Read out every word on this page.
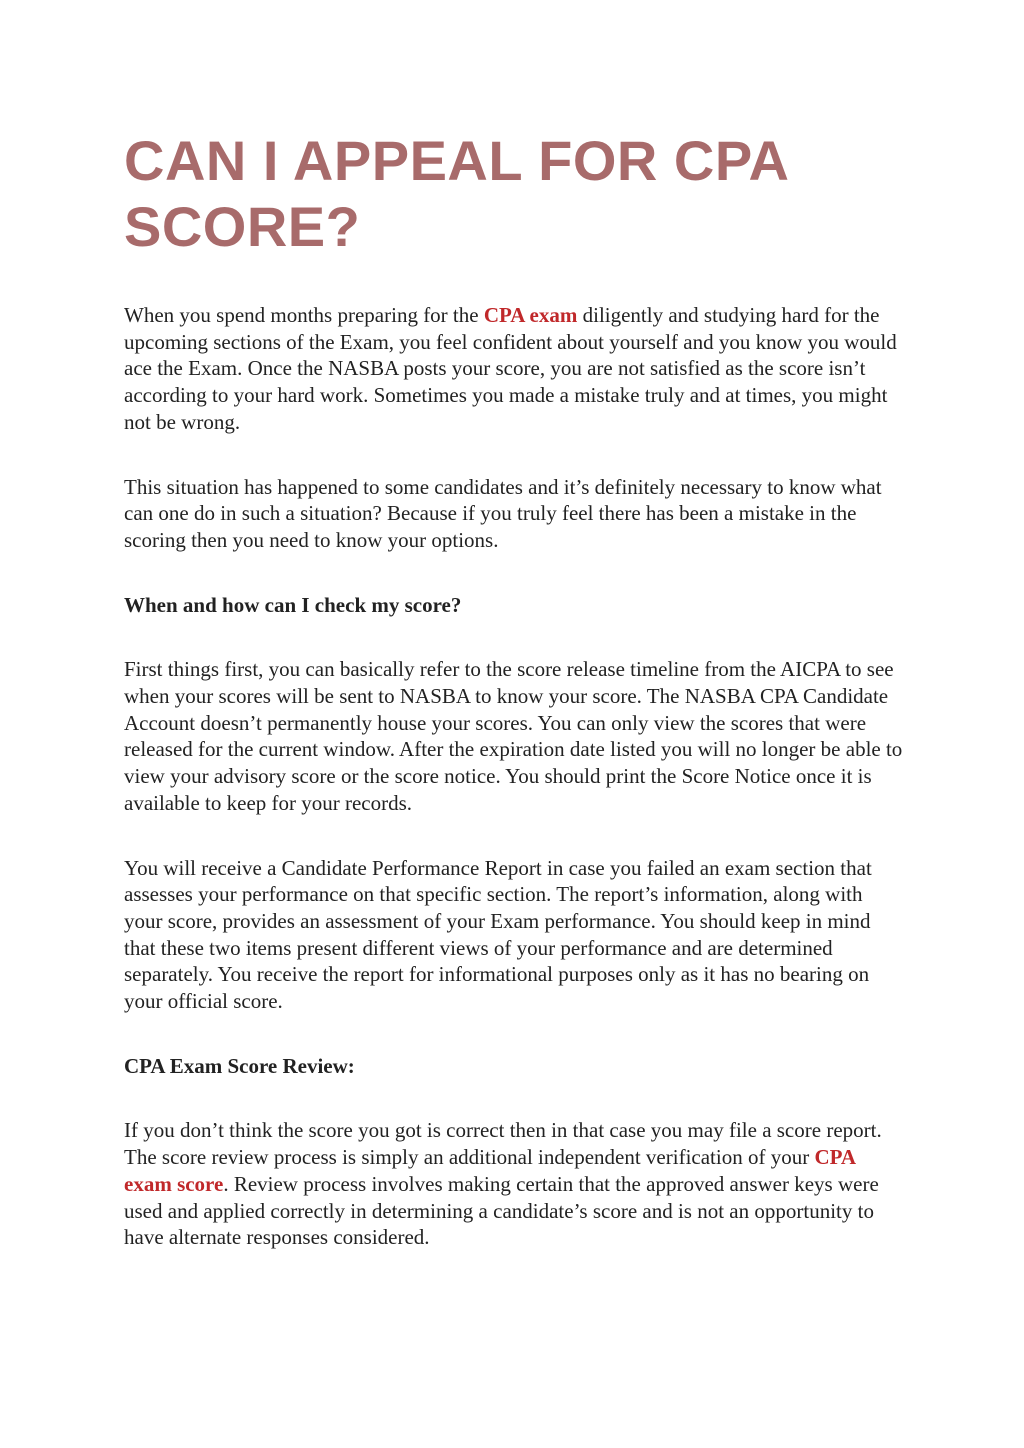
CAN I APPEAL FOR CPA SCORE?

When you spend months preparing for the CPA exam diligently and studying hard for the upcoming sections of the Exam, you feel confident about yourself and you know you would ace the Exam. Once the NASBA posts your score, you are not satisfied as the score isn’t according to your hard work. Sometimes you made a mistake truly and at times, you might not be wrong.

This situation has happened to some candidates and it’s definitely necessary to know what can one do in such a situation? Because if you truly feel there has been a mistake in the scoring then you need to know your options.

When and how can I check my score?

First things first, you can basically refer to the score release timeline from the AICPA to see when your scores will be sent to NASBA to know your score. The NASBA CPA Candidate Account doesn’t permanently house your scores. You can only view the scores that were released for the current window. After the expiration date listed you will no longer be able to view your advisory score or the score notice. You should print the Score Notice once it is available to keep for your records.

You will receive a Candidate Performance Report in case you failed an exam section that assesses your performance on that specific section. The report’s information, along with your score, provides an assessment of your Exam performance. You should keep in mind that these two items present different views of your performance and are determined separately. You receive the report for informational purposes only as it has no bearing on your official score.

CPA Exam Score Review:

If you don’t think the score you got is correct then in that case you may file a score report. The score review process is simply an additional independent verification of your CPA exam score. Review process involves making certain that the approved answer keys were used and applied correctly in determining a candidate’s score and is not an opportunity to have alternate responses considered.
